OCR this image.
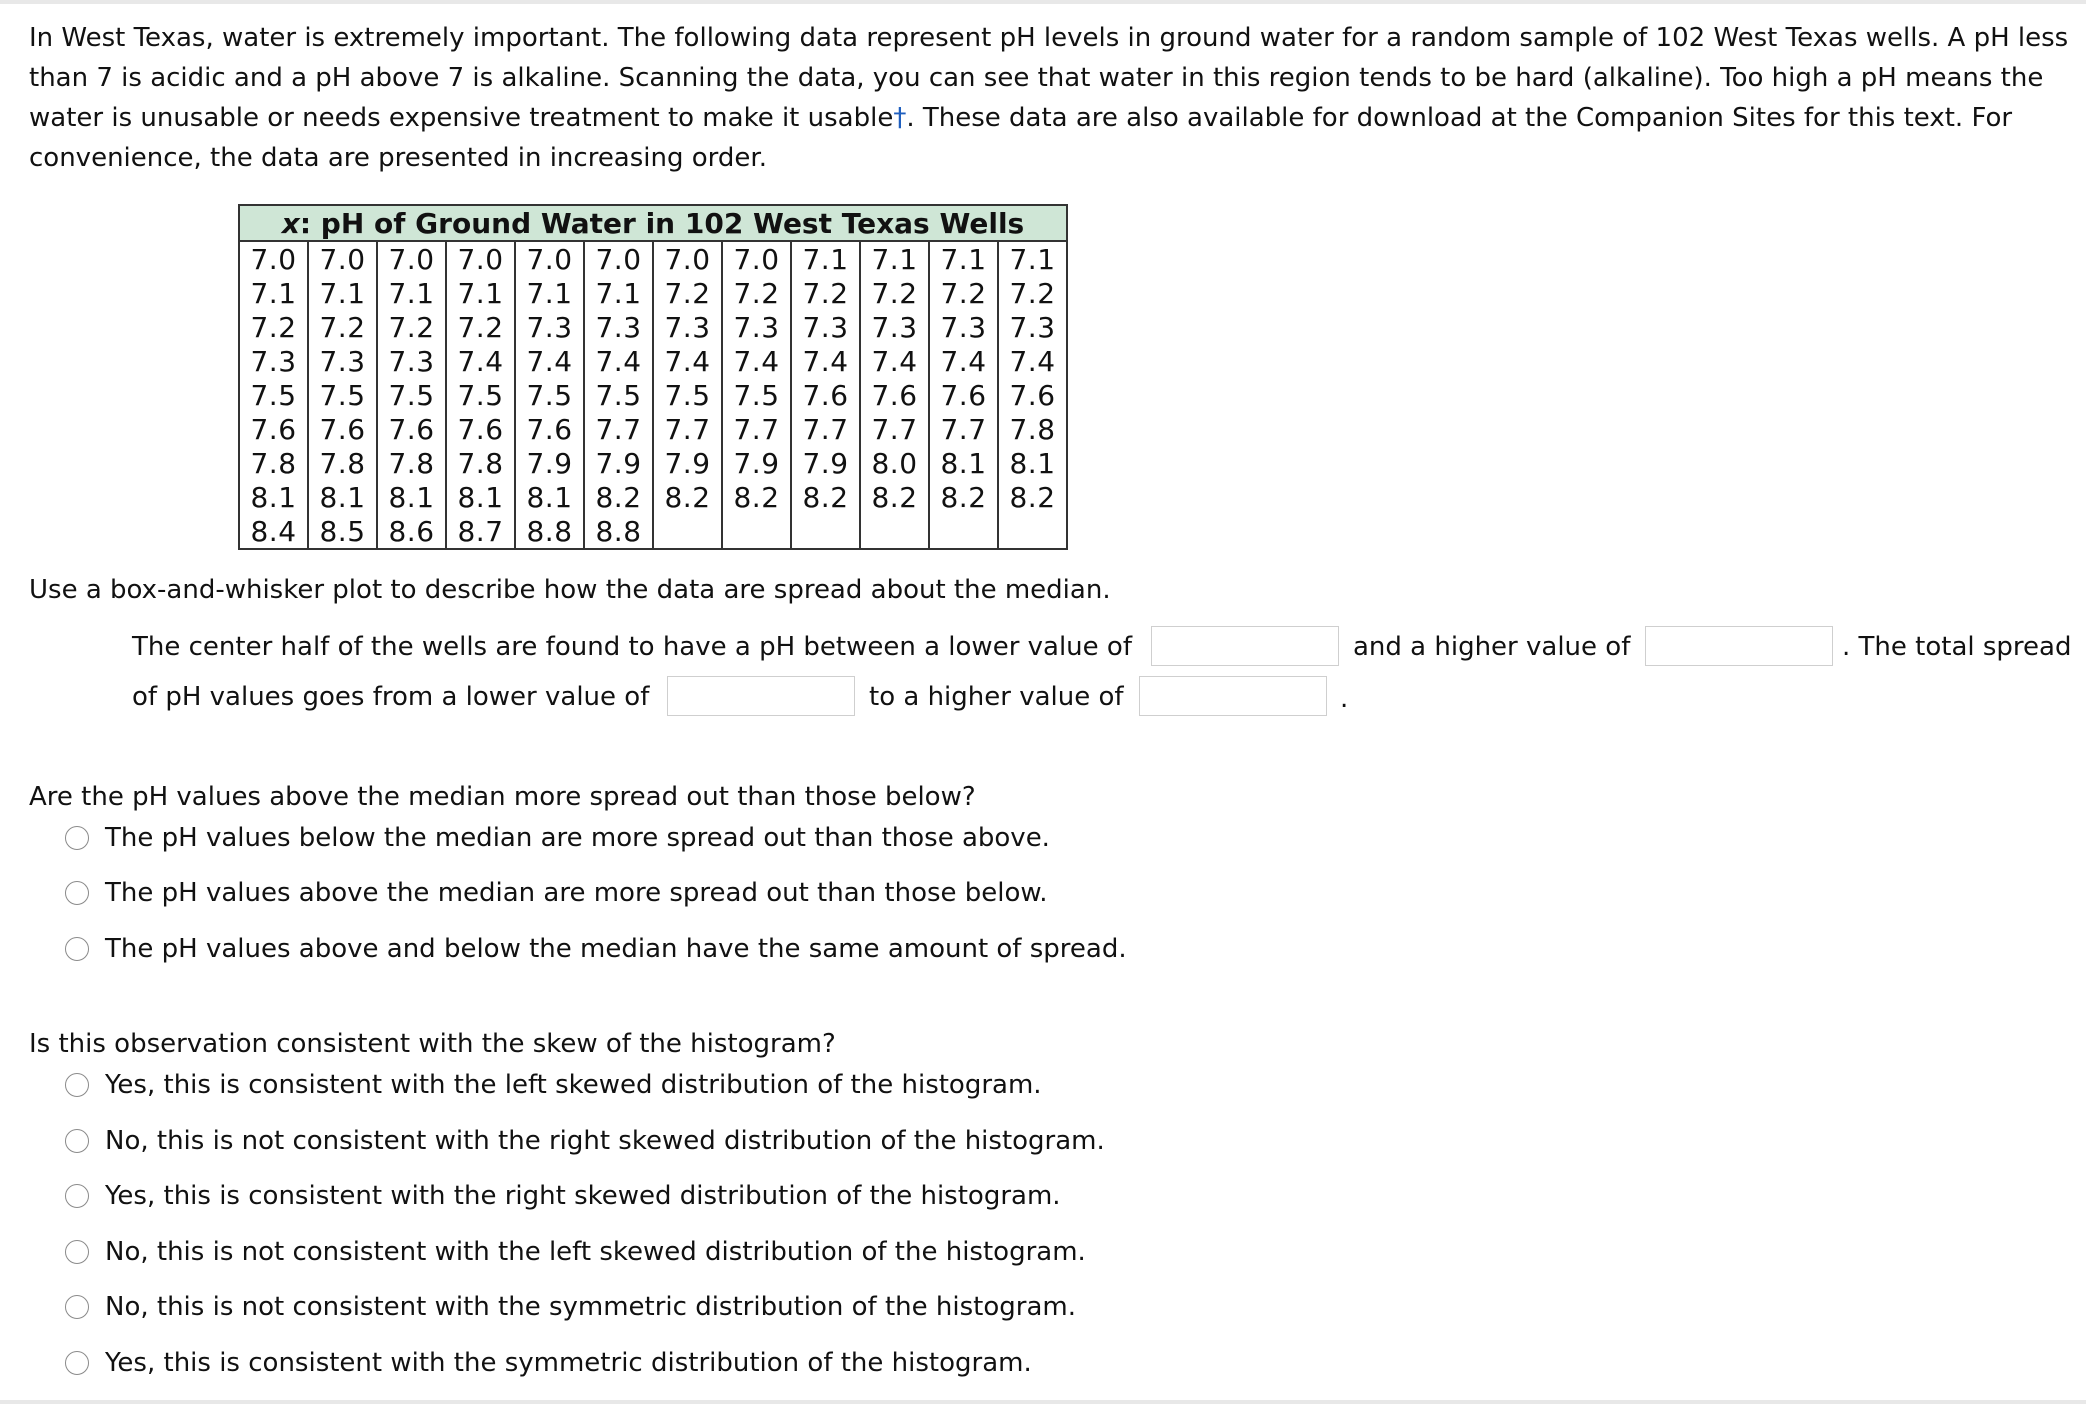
In West Texas, water is extremely important. The following data represent pH levels in ground water for a random sample of 102 West Texas wells. A pH less than 7 is acidic and a pH above 7 is alkaline. Scanning the data, you can see that water in this region tends to be hard (alkaline). Too high a pH means the water is unusable or needs expensive treatment to make it usable†. These data are also available for download at the Companion Sites for this text. For convenience, the data are presented in increasing order.

x: pH of Ground Water in 102 West Texas Wells											
7.0	7.0	7.0	7.0	7.0	7.0	7.0	7.0	7.1	7.1	7.1	7.1
7.1	7.1	7.1	7.1	7.1	7.1	7.2	7.2	7.2	7.2	7.2	7.2
7.2	7.2	7.2	7.2	7.3	7.3	7.3	7.3	7.3	7.3	7.3	7.3
7.3	7.3	7.3	7.4	7.4	7.4	7.4	7.4	7.4	7.4	7.4	7.4
7.5	7.5	7.5	7.5	7.5	7.5	7.5	7.5	7.6	7.6	7.6	7.6
7.6	7.6	7.6	7.6	7.6	7.7	7.7	7.7	7.7	7.7	7.7	7.8
7.8	7.8	7.8	7.8	7.9	7.9	7.9	7.9	7.9	8.0	8.1	8.1
8.1	8.1	8.1	8.1	8.1	8.2	8.2	8.2	8.2	8.2	8.2	8.2
8.4	8.5	8.6	8.7	8.8	8.8						
Use a box-and-whisker plot to describe how the data are spread about the median.
The center half of the wells are found to have a pH between a lower value of	and a higher value of	. The total spread
of pH values goes from a lower value of	to a higher value of	.
Are the pH values above the median more spread out than those below?
The pH values below the median are more spread out than those above.
The pH values above the median are more spread out than those below.
The pH values above and below the median have the same amount of spread.
Is this observation consistent with the skew of the histogram?
Yes, this is consistent with the left skewed distribution of the histogram.
No, this is not consistent with the right skewed distribution of the histogram.
Yes, this is consistent with the right skewed distribution of the histogram.
No, this is not consistent with the left skewed distribution of the histogram.
No, this is not consistent with the symmetric distribution of the histogram.
Yes, this is consistent with the symmetric distribution of the histogram.
